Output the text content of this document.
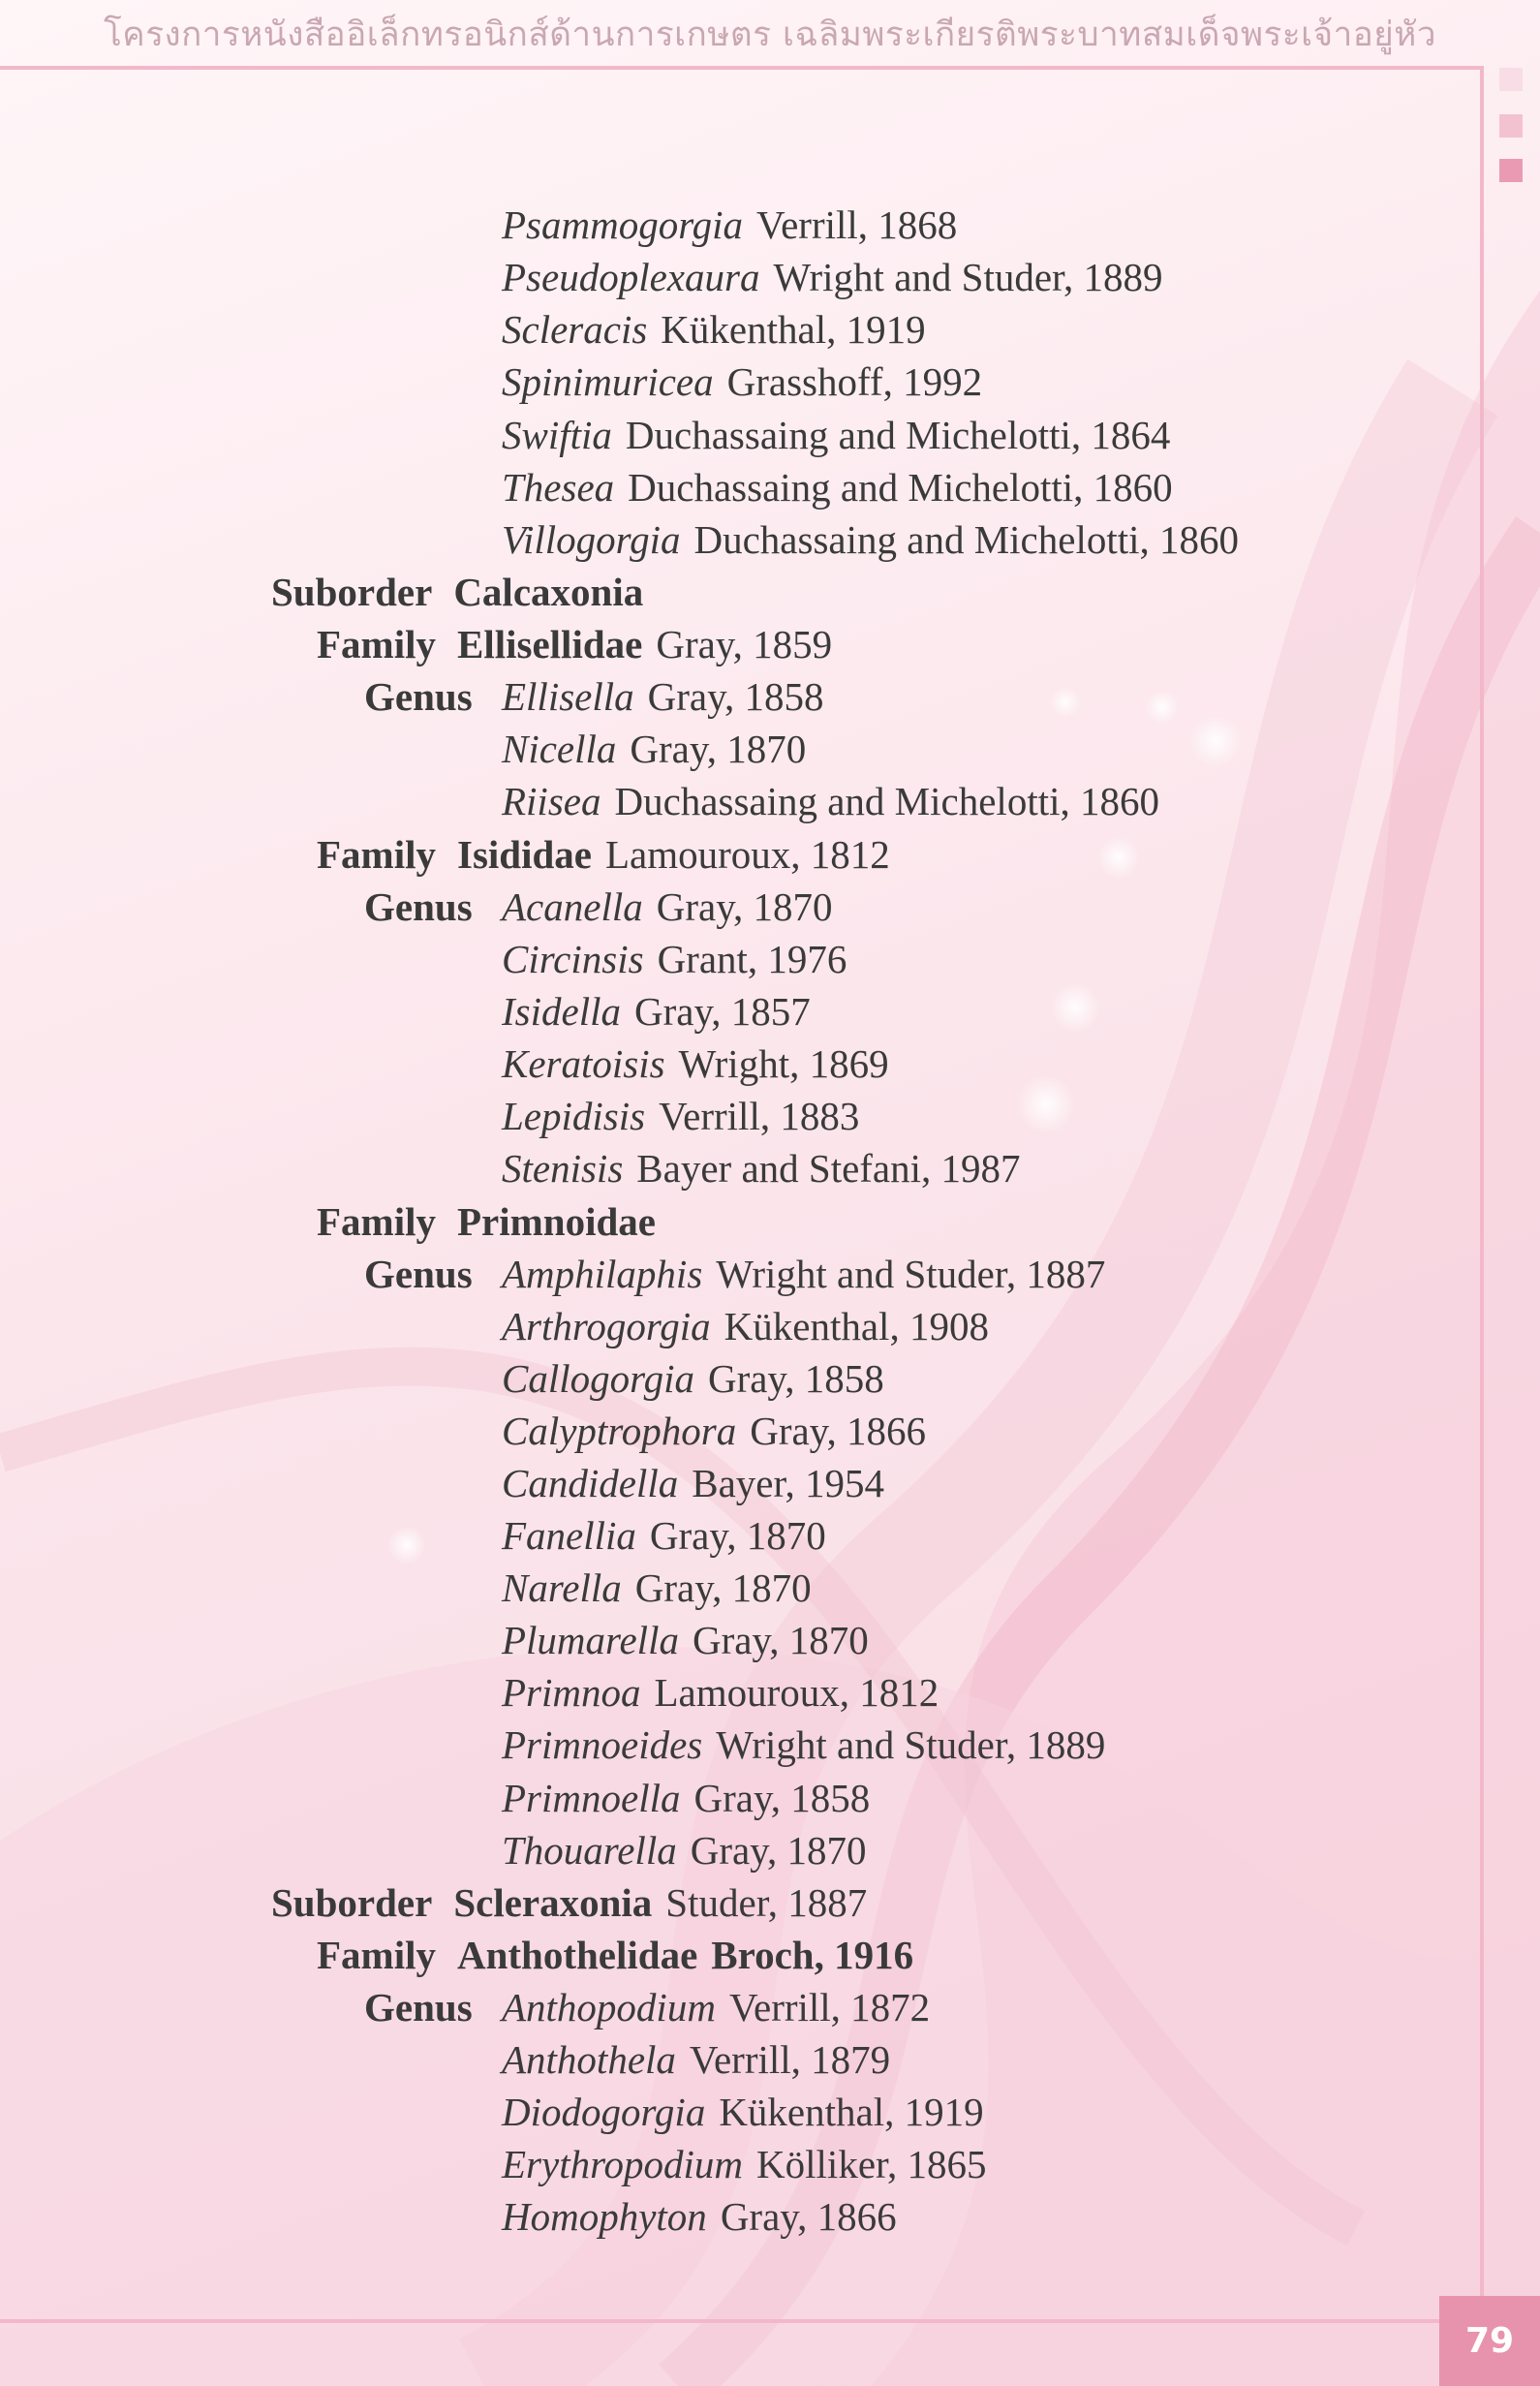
โครงการหนังสืออิเล็กทรอนิกส์ด้านการเกษตร เฉลิมพระเกียรติพระบาทสมเด็จพระเจ้าอยู่หัว
79
Psammogorgia Verrill, 1868
Pseudoplexaura Wright and Studer, 1889
Scleracis Kükenthal, 1919
Spinimuricea Grasshoff, 1992
Swiftia Duchassaing and Michelotti, 1864
Thesea Duchassaing and Michelotti, 1860
Villogorgia Duchassaing and Michelotti, 1860
Suborder Calcaxonia
Family Ellisellidae Gray, 1859
Genus Ellisella Gray, 1858
Nicella Gray, 1870
Riisea Duchassaing and Michelotti, 1860
Family Isididae Lamouroux, 1812
Genus Acanella Gray, 1870
Circinsis Grant, 1976
Isidella Gray, 1857
Keratoisis Wright, 1869
Lepidisis Verrill, 1883
Stenisis Bayer and Stefani, 1987
Family Primnoidae
Genus Amphilaphis Wright and Studer, 1887
Arthrogorgia Kükenthal, 1908
Callogorgia Gray, 1858
Calyptrophora Gray, 1866
Candidella Bayer, 1954
Fanellia Gray, 1870
Narella Gray, 1870
Plumarella Gray, 1870
Primnoa Lamouroux, 1812
Primnoeides Wright and Studer, 1889
Primnoella Gray, 1858
Thouarella Gray, 1870
Suborder Scleraxonia Studer, 1887
Family Anthothelidae Broch, 1916
Genus Anthopodium Verrill, 1872
Anthothela Verrill, 1879
Diodogorgia Kükenthal, 1919
Erythropodium Kölliker, 1865
Homophyton Gray, 1866
